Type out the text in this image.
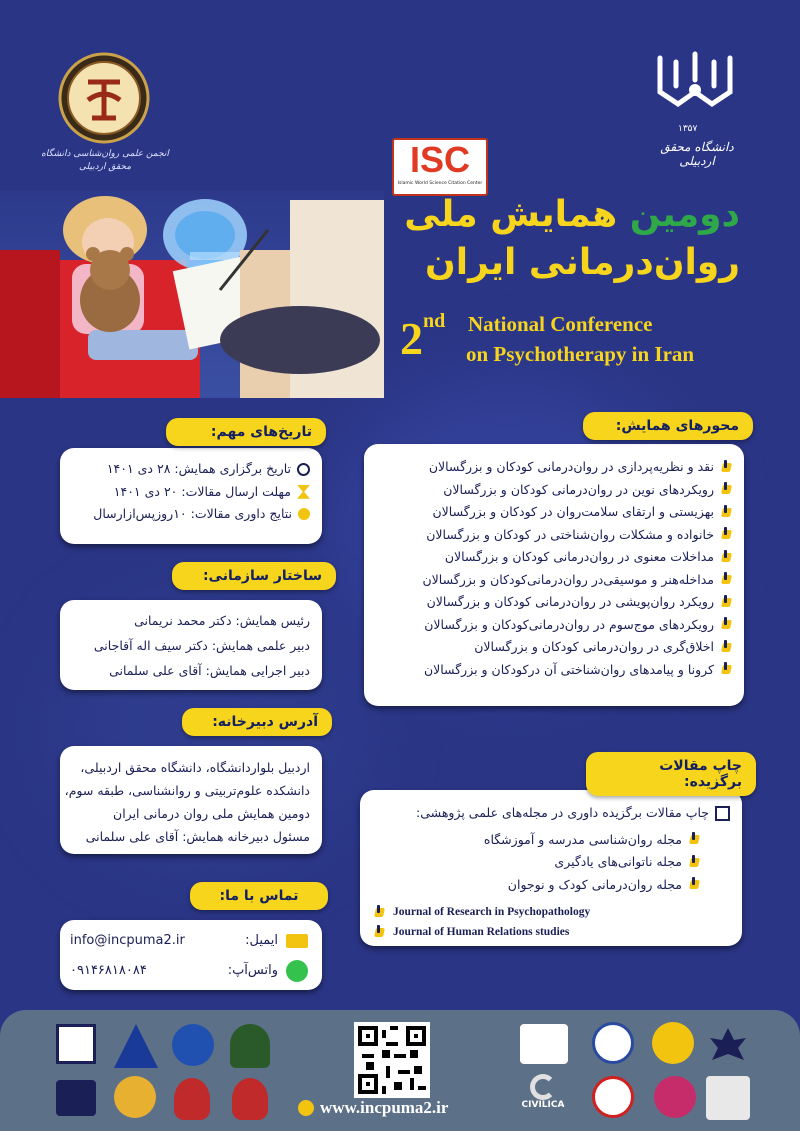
انجمن علمی روان‌شناسی دانشگاه محقق اردبیلی
۱۳۵۷
دانشگاه محقق اردبیلی
ISC
Islamic World Science Citation Center
دومین همایش ملی
روان‌درمانی ایران
2nd National Conference
on Psychotherapy in Iran
نقد و نظریه‌پردازی در روان‌درمانی کودکان و بزرگسالان
رویکردهای نوین در روان‌درمانی کودکان و بزرگسالان
بهزیستی و ارتقای سلامت‌روان در کودکان و بزرگسالان
خانواده و مشکلات روان‌شناختی در کودکان و بزرگسالان
مداخلات معنوی در روان‌درمانی کودکان و بزرگسالان
مداخله‌هنر و موسیقی‌در روان‌درمانی‌کودکان و بزرگسالان
رویکرد روان‌پویشی در روان‌درمانی کودکان و بزرگسالان
رویکردهای موج‌سوم در روان‌درمانی‌کودکان و بزرگسالان
اخلاق‌گری در روان‌درمانی کودکان و بزرگسالان
کرونا و پیامدهای روان‌شناختی آن درکودکان و بزرگسالان
محورهای همایش:
تاریخ برگزاری همایش: ۲۸ دی ۱۴۰۱
مهلت ارسال مقالات: ۲۰ دی ۱۴۰۱
نتایج داوری مقالات: ۱۰روزپس‌ازارسال
تاریخ‌های مهم:
رئیس همایش: دکتر محمد نریمانی
دبیر علمی همایش: دکتر سیف اله آقاجانی
دبیر اجرایی همایش: آقای علی سلمانی
ساختار سازمانی:
اردبیل بلواردانشگاه، دانشگاه محقق اردبیلی،
دانشکده علوم‌تربیتی و روانشناسی، طبقه سوم،
دومین همایش ملی روان درمانی ایران
مسئول دبیرخانه همایش: آقای علی سلمانی
آدرس دبیرخانه:
ایمیل:
info@incpuma2.ir
واتس‌آپ:
۰۹۱۴۶۸۱۸۰۸۴
تماس با ما:
چاپ مقالات برگزیده داوری در مجله‌های علمی پژوهشی:
مجله روان‌شناسی مدرسه و آموزشگاه
مجله ناتوانی‌های یادگیری
مجله روان‌درمانی کودک و نوجوان
Journal of Research in Psychopathology
Journal of Human Relations studies
چاپ مقالات برگزیده:
CIVILICA
www.incpuma2.ir
